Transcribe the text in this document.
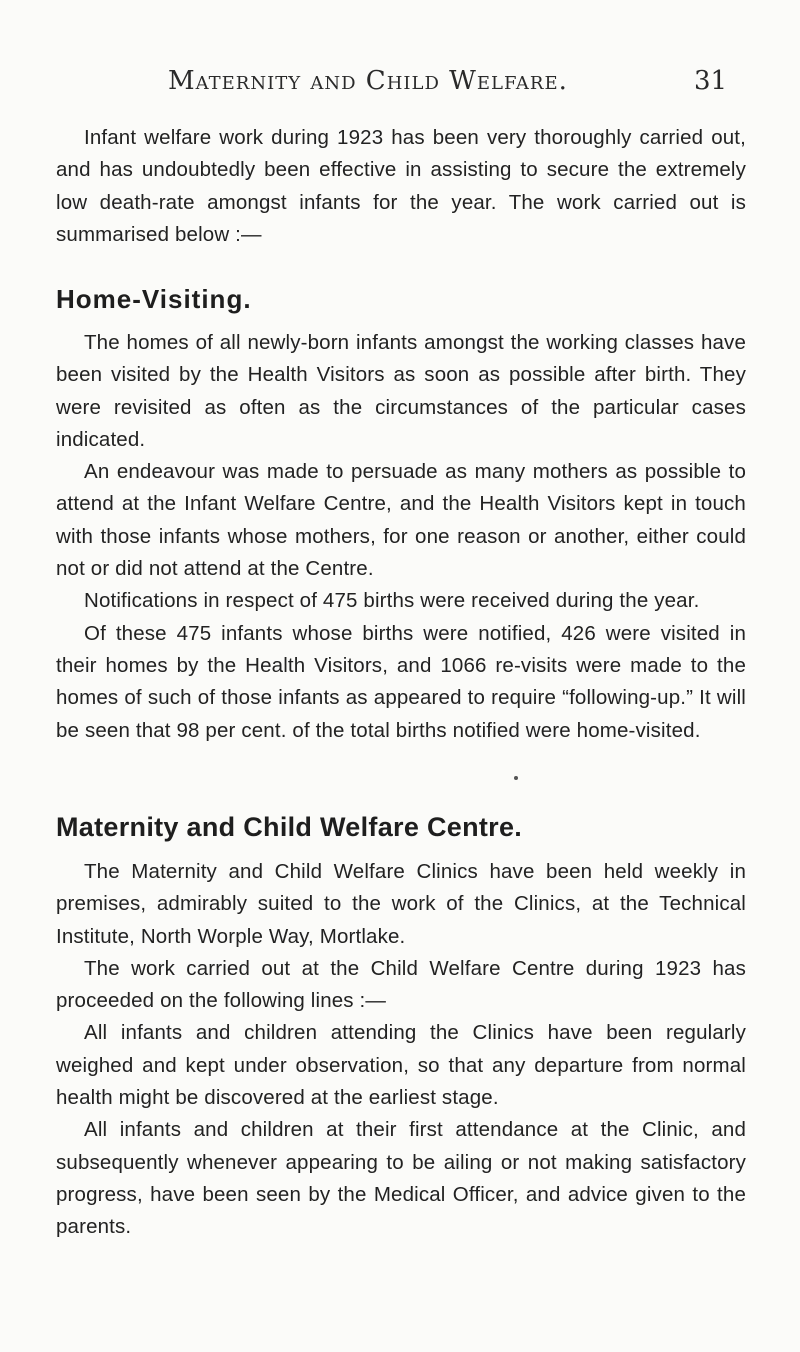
Maternity and Child Welfare.	31

Infant welfare work during 1923 has been very thoroughly carried out, and has undoubtedly been effective in assisting to secure the extremely low death-rate amongst infants for the year. The work carried out is summarised below :—

Home-Visiting.

The homes of all newly-born infants amongst the working classes have been visited by the Health Visitors as soon as possible after birth. They were revisited as often as the circumstances of the particular cases indicated.

An endeavour was made to persuade as many mothers as possible to attend at the Infant Welfare Centre, and the Health Visitors kept in touch with those infants whose mothers, for one reason or another, either could not or did not attend at the Centre.

Notifications in respect of 475 births were received during the year.

Of these 475 infants whose births were notified, 426 were visited in their homes by the Health Visitors, and 1066 re-visits were made to the homes of such of those infants as appeared to require “following-up.” It will be seen that 98 per cent. of the total births notified were home-visited.

Maternity and Child Welfare Centre.

The Maternity and Child Welfare Clinics have been held weekly in premises, admirably suited to the work of the Clinics, at the Technical Institute, North Worple Way, Mortlake.

The work carried out at the Child Welfare Centre during 1923 has proceeded on the following lines :—

All infants and children attending the Clinics have been regularly weighed and kept under observation, so that any departure from normal health might be discovered at the earliest stage.

All infants and children at their first attendance at the Clinic, and subsequently whenever appearing to be ailing or not making satisfactory progress, have been seen by the Medical Officer, and advice given to the parents.
